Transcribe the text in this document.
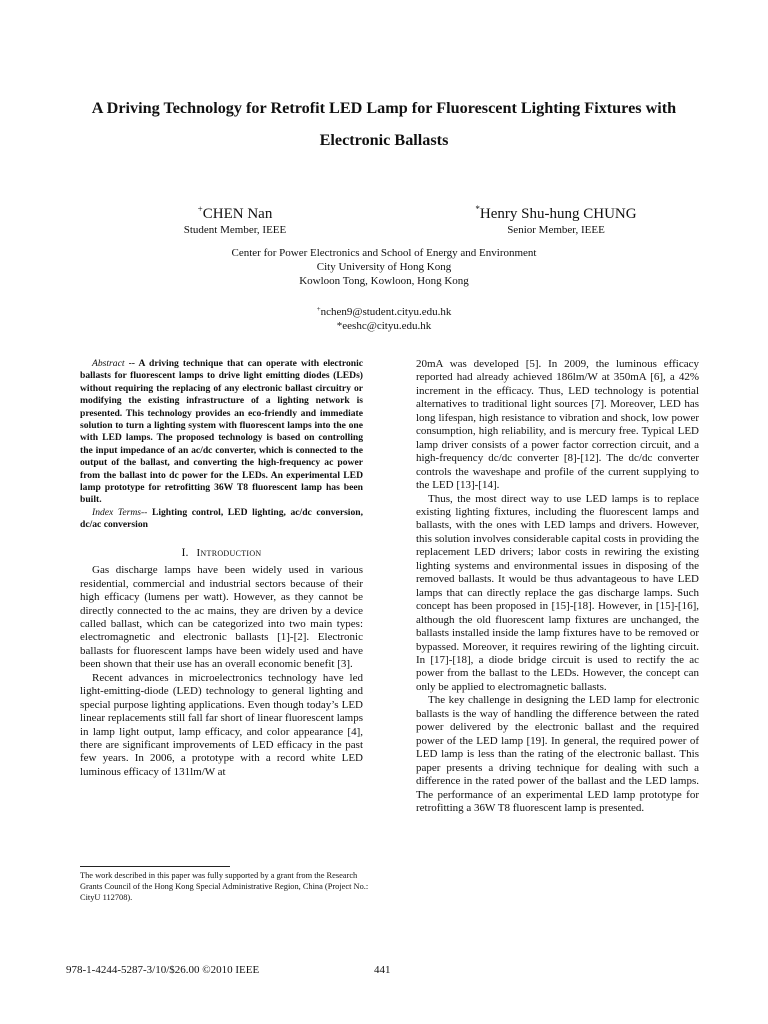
A Driving Technology for Retrofit LED Lamp for Fluorescent Lighting Fixtures with
Electronic Ballasts
+CHEN Nan
Student Member, IEEE
*Henry Shu-hung CHUNG
Senior Member, IEEE
Center for Power Electronics and School of Energy and Environment
City University of Hong Kong
Kowloon Tong, Kowloon, Hong Kong
+nchen9@student.cityu.edu.hk
*eeshc@cityu.edu.hk

Abstract -- A driving technique that can operate with electronic ballasts for fluorescent lamps to drive light emitting diodes (LEDs) without requiring the replacing of any electronic ballast circuitry or modifying the existing infrastructure of a lighting network is presented. This technology provides an eco-friendly and immediate solution to turn a lighting system with fluorescent lamps into the one with LED lamps. The proposed technology is based on controlling the input impedance of an ac/dc converter, which is connected to the output of the ballast, and converting the high-frequency ac power from the ballast into dc power for the LEDs. An experimental LED lamp prototype for retrofitting 36W T8 fluorescent lamp has been built.

Index Terms-- Lighting control, LED lighting, ac/dc conversion, dc/ac conversion

I. Introduction

Gas discharge lamps have been widely used in various residential, commercial and industrial sectors because of their high efficacy (lumens per watt). However, as they cannot be directly connected to the ac mains, they are driven by a device called ballast, which can be categorized into two main types: electromagnetic and electronic ballasts [1]-[2]. Electronic ballasts for fluorescent lamps have been widely used and have been shown that their use has an overall economic benefit [3].

Recent advances in microelectronics technology have led light-emitting-diode (LED) technology to general lighting and special purpose lighting applications. Even though today’s LED linear replacements still fall far short of linear fluorescent lamps in lamp light output, lamp efficacy, and color appearance [4], there are significant improvements of LED efficacy in the past few years. In 2006, a prototype with a record white LED luminous efficacy of 131lm/W at

20mA was developed [5]. In 2009, the luminous efficacy reported had already achieved 186lm/W at 350mA [6], a 42% increment in the efficacy. Thus, LED technology is potential alternatives to traditional light sources [7]. Moreover, LED has long lifespan, high resistance to vibration and shock, low power consumption, high reliability, and is mercury free. Typical LED lamp driver consists of a power factor correction circuit, and a high-frequency dc/dc converter [8]-[12]. The dc/dc converter controls the waveshape and profile of the current supplying to the LED [13]-[14].

Thus, the most direct way to use LED lamps is to replace existing lighting fixtures, including the fluorescent lamps and ballasts, with the ones with LED lamps and drivers. However, this solution involves considerable capital costs in providing the replacement LED drivers; labor costs in rewiring the existing lighting systems and environmental issues in disposing of the removed ballasts. It would be thus advantageous to have LED lamps that can directly replace the gas discharge lamps. Such concept has been proposed in [15]-[18]. However, in [15]-[16], although the old fluorescent lamp fixtures are unchanged, the ballasts installed inside the lamp fixtures have to be removed or bypassed. Moreover, it requires rewiring of the lighting circuit. In [17]-[18], a diode bridge circuit is used to rectify the ac power from the ballast to the LEDs. However, the concept can only be applied to electromagnetic ballasts.

The key challenge in designing the LED lamp for electronic ballasts is the way of handling the difference between the rated power delivered by the electronic ballast and the required power of the LED lamp [19]. In general, the required power of LED lamp is less than the rating of the electronic ballast. This paper presents a driving technique for dealing with such a difference in the rated power of the ballast and the LED lamps. The performance of an experimental LED lamp prototype for retrofitting a 36W T8 fluorescent lamp is presented.

The work described in this paper was fully supported by a grant from the Research Grants Council of the Hong Kong Special Administrative Region, China (Project No.: CityU 112708).
978-1-4244-5287-3/10/$26.00 ©2010 IEEE	441
